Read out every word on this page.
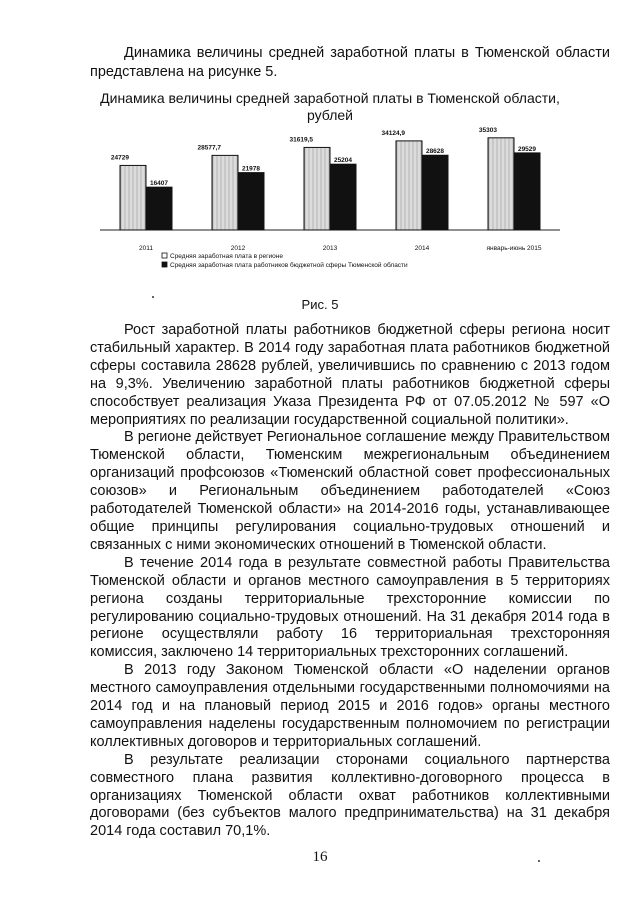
Динамика величины средней заработной платы в Тюменской области представлена на рисунке 5.
Динамика величины средней заработной платы в Тюменской области, рублей
24729
16407
2011
28577,7
21978
2012
31619,5
25204
2013
34124,9
28628
2014
35303
29529
январь-июнь 2015
Средняя заработная плата в регионе
Средняя заработная плата работников бюджетной сферы Тюменской области
Рис. 5

Рост заработной платы работников бюджетной сферы региона носит стабильный характер. В 2014 году заработная плата работников бюджетной сферы составила 28628 рублей, увеличившись по сравнению с 2013 годом на 9,3%. Увеличению заработной платы работников бюджетной сферы способствует реализация Указа Президента РФ от 07.05.2012 № 597 «О мероприятиях по реализации государственной социальной политики».

В регионе действует Региональное соглашение между Правительством Тюменской области, Тюменским межрегиональным объединением организаций профсоюзов «Тюменский областной совет профессиональных союзов» и Региональным объединением работодателей «Союз работодателей Тюменской области» на 2014-2016 годы, устанавливающее общие принципы регулирования социально-трудовых отношений и связанных с ними экономических отношений в Тюменской области.

В течение 2014 года в результате совместной работы Правительства Тюменской области и органов местного самоуправления в 5 территориях региона созданы территориальные трехсторонние комиссии по регулированию социально-трудовых отношений. На 31 декабря 2014 года в регионе осуществляли работу 16 территориальная трехсторонняя комиссия, заключено 14 территориальных трехсторонних соглашений.

В 2013 году Законом Тюменской области «О наделении органов местного самоуправления отдельными государственными полномочиями на 2014 год и на плановый период 2015 и 2016 годов» органы местного самоуправления наделены государственным полномочием по регистрации коллективных договоров и территориальных соглашений.

В результате реализации сторонами социального партнерства совместного плана развития коллективно-договорного процесса в организациях Тюменской области охват работников коллективными договорами (без субъектов малого предпринимательства) на 31 декабря 2014 года составил 70,1%.

16
